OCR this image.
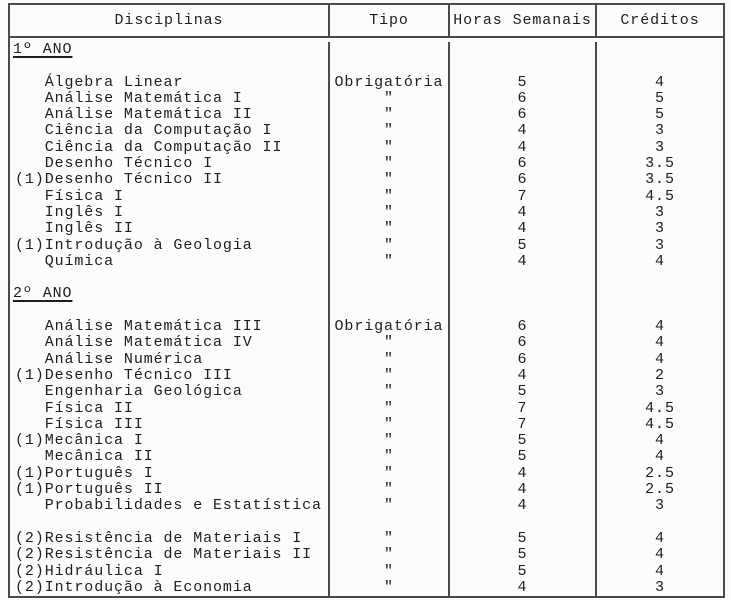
Disciplinas	Tipo	Horas Semanais	Créditos
1º ANO
Álgebra Linear	Obrigatória	5	4
Análise Matemática I	"	6	5
Análise Matemática II	"	6	5
Ciência da Computação I	"	4	3
Ciência da Computação II	"	4	3
Desenho Técnico I	"	6	3.5
(1)Desenho Técnico II	"	6	3.5
Física I	"	7	4.5
Inglês I	"	4	3
Inglês II	"	4	3
(1)Introdução à Geologia	"	5	3
Química	"	4	4
2º ANO
Análise Matemática III	Obrigatória	6	4
Análise Matemática IV	"	6	4
Análise Numérica	"	6	4
(1)Desenho Técnico III	"	4	2
Engenharia Geológica	"	5	3
Física II	"	7	4.5
Física III	"	7	4.5
(1)Mecânica I	"	5	4
Mecânica II	"	5	4
(1)Português I	"	4	2.5
(1)Português II	"	4	2.5
Probabilidades e Estatística	"	4	3
(2)Resistência de Materiais I	"	5	4
(2)Resistência de Materiais II	"	5	4
(2)Hidráulica I	"	5	4
(2)Introdução à Economia	"	4	3
